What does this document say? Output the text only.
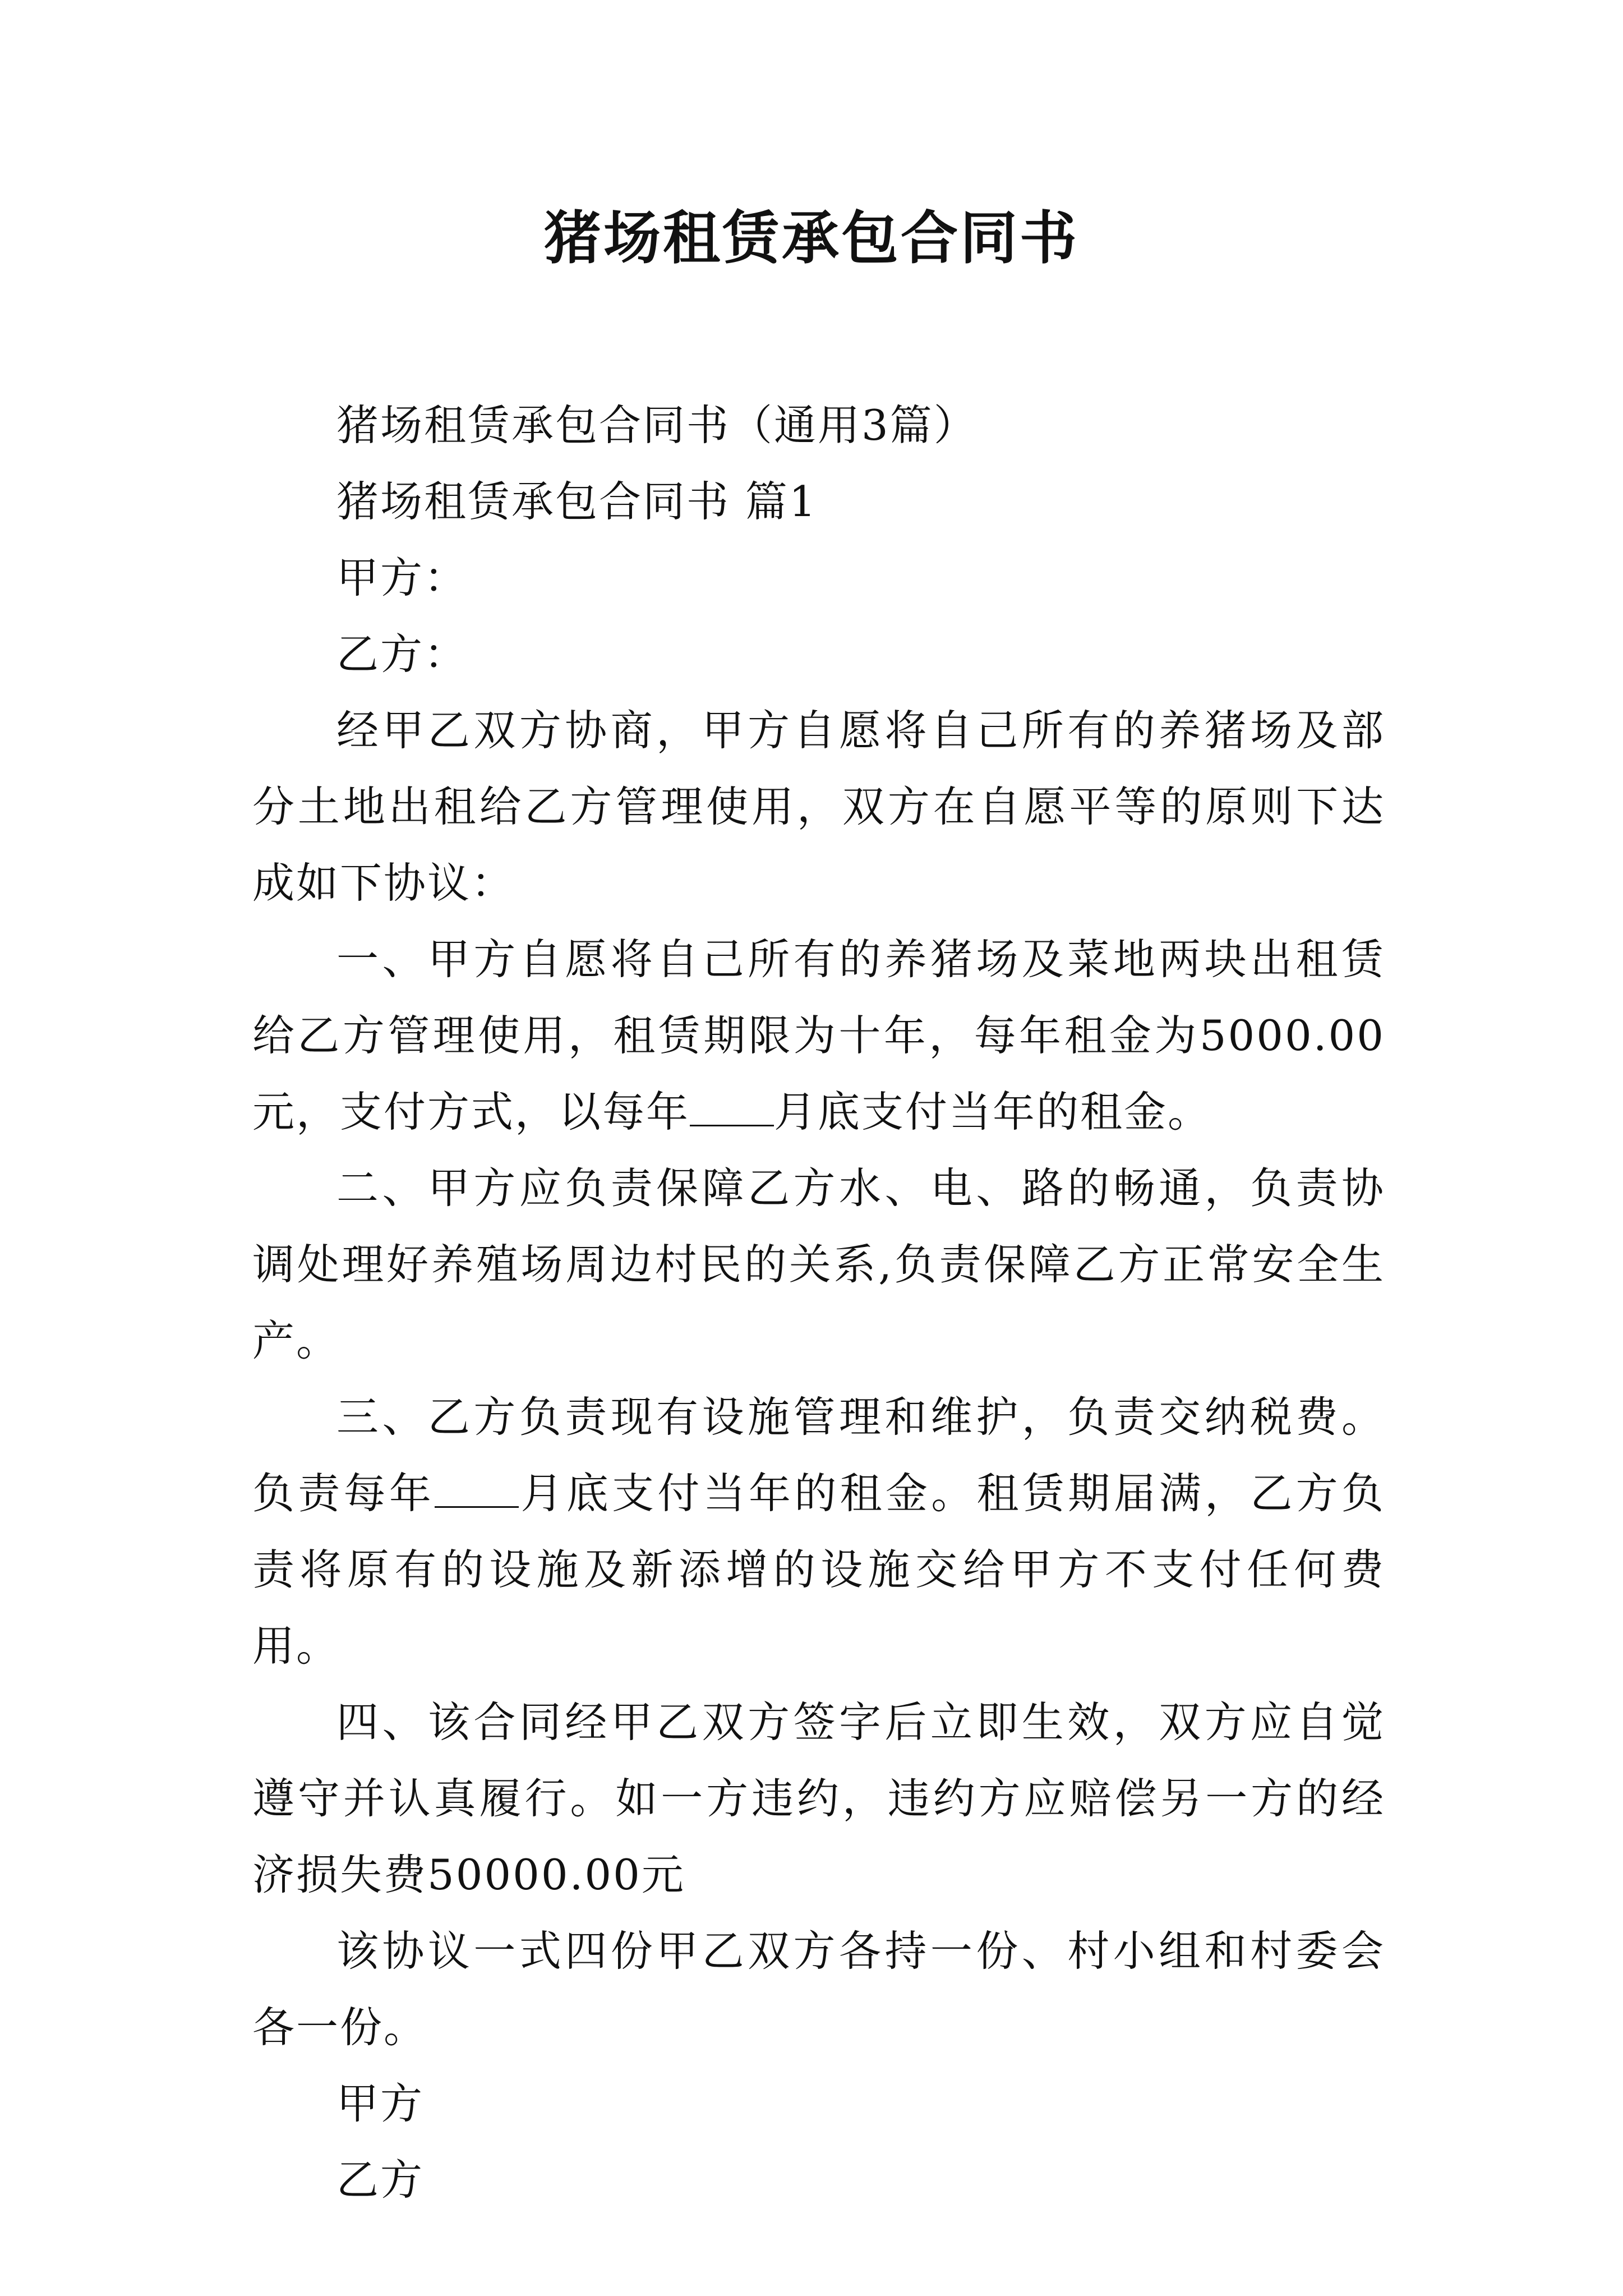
猪场租赁承包合同书

猪场租赁承包合同书（通用3篇）

猪场租赁承包合同书 篇1

甲方：

乙方：

经甲乙双方协商，甲方自愿将自己所有的养猪场及部分土地出租给乙方管理使用，双方在自愿平等的原则下达成如下协议：

一、甲方自愿将自己所有的养猪场及菜地两块出租赁给乙方管理使用，租赁期限为十年，每年租金为5000.00元，支付方式，以每年 月底支付当年的租金。

二、甲方应负责保障乙方水、电、路的畅通，负责协调处理好养殖场周边村民的关系,负责保障乙方正常安全生产。

三、乙方负责现有设施管理和维护，负责交纳税费。负责每年 月底支付当年的租金。租赁期届满，乙方负责将原有的设施及新添增的设施交给甲方不支付任何费用。

四、该合同经甲乙双方签字后立即生效，双方应自觉遵守并认真履行。如一方违约，违约方应赔偿另一方的经济损失费50000.00元

该协议一式四份甲乙双方各持一份、村小组和村委会各一份。

甲方

乙方
